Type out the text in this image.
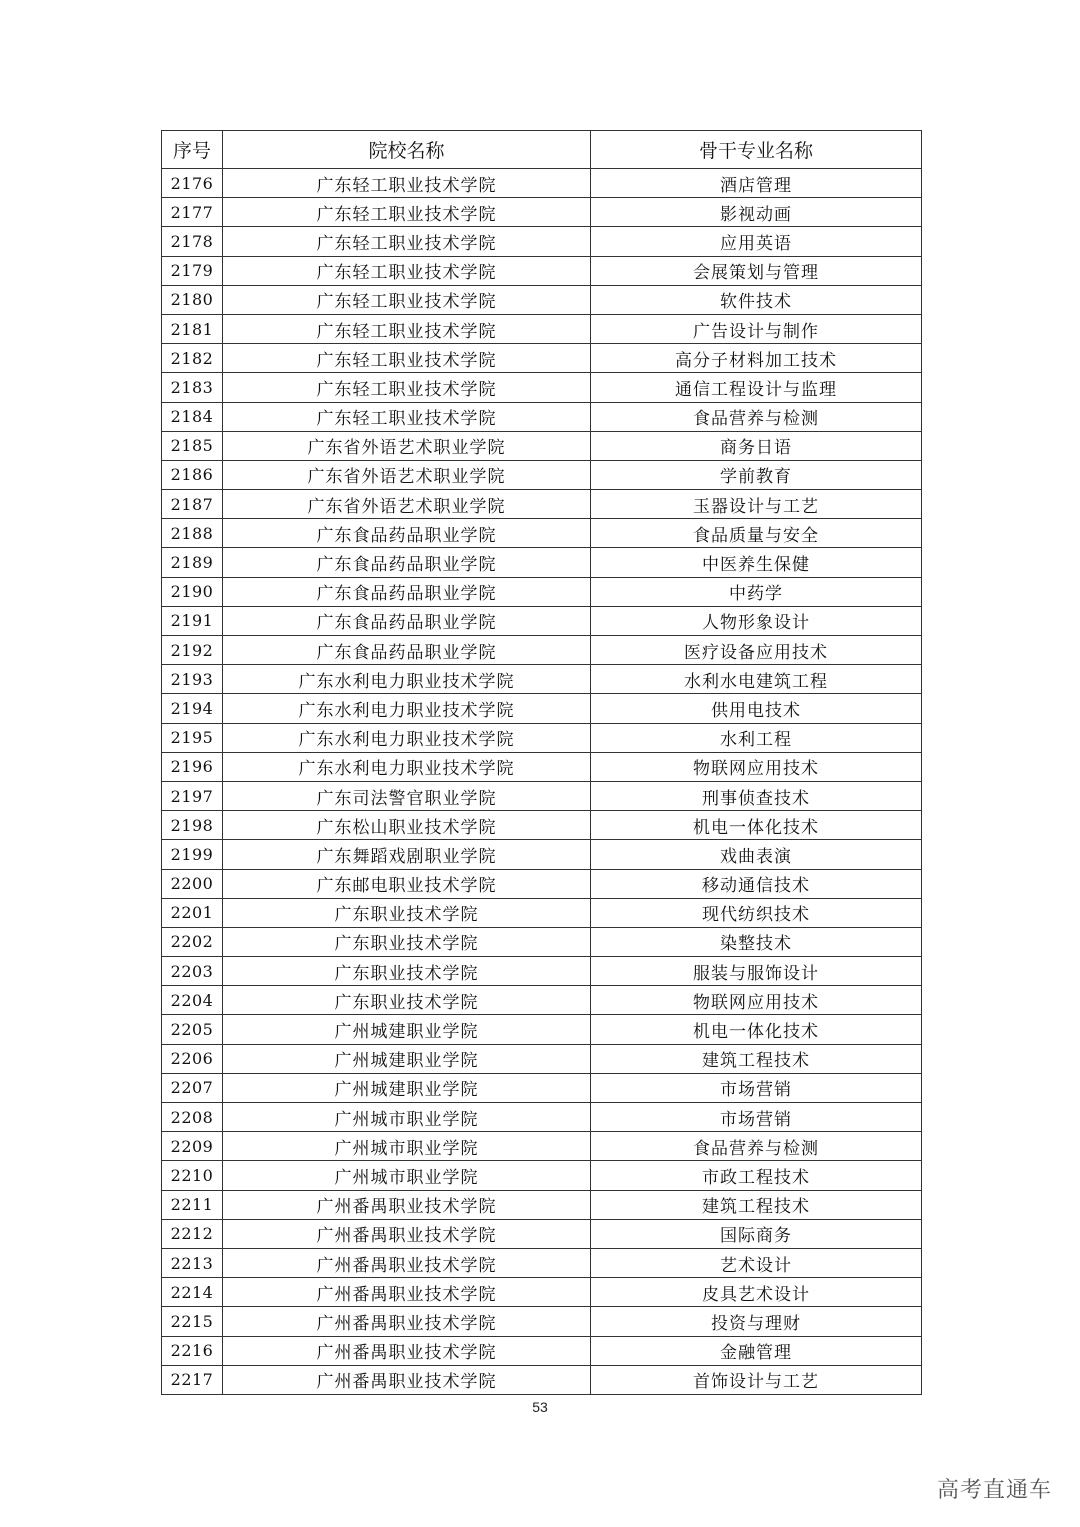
序号	院校名称	骨干专业名称
2176	广东轻工职业技术学院	酒店管理
2177	广东轻工职业技术学院	影视动画
2178	广东轻工职业技术学院	应用英语
2179	广东轻工职业技术学院	会展策划与管理
2180	广东轻工职业技术学院	软件技术
2181	广东轻工职业技术学院	广告设计与制作
2182	广东轻工职业技术学院	高分子材料加工技术
2183	广东轻工职业技术学院	通信工程设计与监理
2184	广东轻工职业技术学院	食品营养与检测
2185	广东省外语艺术职业学院	商务日语
2186	广东省外语艺术职业学院	学前教育
2187	广东省外语艺术职业学院	玉器设计与工艺
2188	广东食品药品职业学院	食品质量与安全
2189	广东食品药品职业学院	中医养生保健
2190	广东食品药品职业学院	中药学
2191	广东食品药品职业学院	人物形象设计
2192	广东食品药品职业学院	医疗设备应用技术
2193	广东水利电力职业技术学院	水利水电建筑工程
2194	广东水利电力职业技术学院	供用电技术
2195	广东水利电力职业技术学院	水利工程
2196	广东水利电力职业技术学院	物联网应用技术
2197	广东司法警官职业学院	刑事侦查技术
2198	广东松山职业技术学院	机电一体化技术
2199	广东舞蹈戏剧职业学院	戏曲表演
2200	广东邮电职业技术学院	移动通信技术
2201	广东职业技术学院	现代纺织技术
2202	广东职业技术学院	染整技术
2203	广东职业技术学院	服装与服饰设计
2204	广东职业技术学院	物联网应用技术
2205	广州城建职业学院	机电一体化技术
2206	广州城建职业学院	建筑工程技术
2207	广州城建职业学院	市场营销
2208	广州城市职业学院	市场营销
2209	广州城市职业学院	食品营养与检测
2210	广州城市职业学院	市政工程技术
2211	广州番禺职业技术学院	建筑工程技术
2212	广州番禺职业技术学院	国际商务
2213	广州番禺职业技术学院	艺术设计
2214	广州番禺职业技术学院	皮具艺术设计
2215	广州番禺职业技术学院	投资与理财
2216	广州番禺职业技术学院	金融管理
2217	广州番禺职业技术学院	首饰设计与工艺
53
高考直通车
